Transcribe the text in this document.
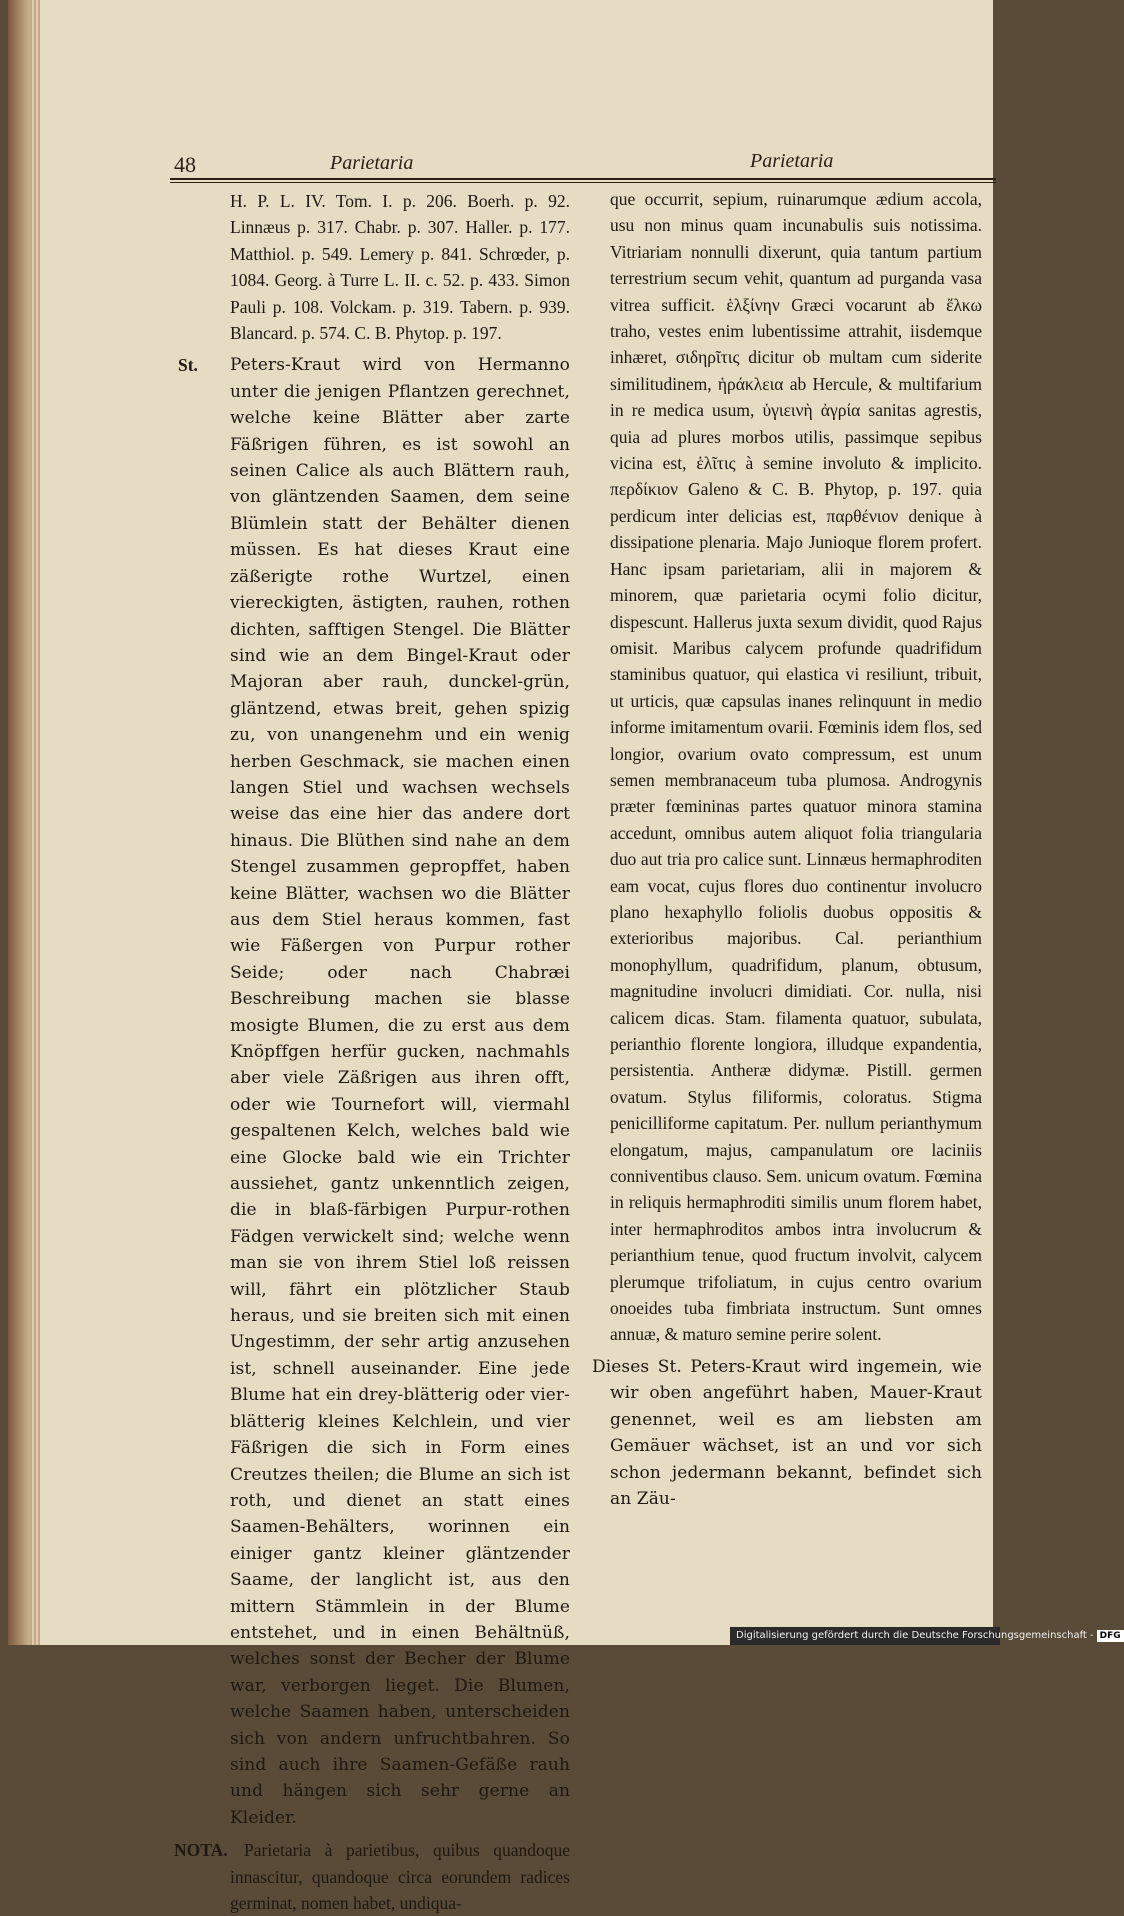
48	Parietaria	Parietaria

H. P. L. IV. Tom. I. p. 206. Boerh. p. 92. Linnæus p. 317. Chabr. p. 307. Haller. p. 177. Matthiol. p. 549. Lemery p. 841. Schrœder, p. 1084. Georg. à Turre L. II. c. 52. p. 433. Simon Pauli p. 108. Volckam. p. 319. Tabern. p. 939. Blancard. p. 574. C. B. Phytop. p. 197.

St. Peters-Kraut wird von Hermanno unter die jenigen Pflantzen gerechnet, welche keine Blätter aber zarte Fäßrigen führen, es ist sowohl an seinen Calice als auch Blättern rauh, von gläntzenden Saamen, dem seine Blümlein statt der Behälter dienen müssen. Es hat dieses Kraut eine zäßerigte rothe Wurtzel, einen viereckigten, ästigten, rauhen, rothen dichten, safftigen Stengel. Die Blätter sind wie an dem Bingel-Kraut oder Majoran aber rauh, dunckel-grün, gläntzend, etwas breit, gehen spizig zu, von unangenehm und ein wenig herben Geschmack, sie machen einen langen Stiel und wachsen wechsels weise das eine hier das andere dort hinaus. Die Blüthen sind nahe an dem Stengel zusammen gepropffet, haben keine Blätter, wachsen wo die Blätter aus dem Stiel heraus kommen, fast wie Fäßergen von Purpur rother Seide; oder nach Chabræi Beschreibung machen sie blasse mosigte Blumen, die zu erst aus dem Knöpffgen herfür gucken, nachmahls aber viele Zäßrigen aus ihren offt, oder wie Tournefort will, viermahl gespaltenen Kelch, welches bald wie eine Glocke bald wie ein Trichter aussiehet, gantz unkenntlich zeigen, die in blaß-färbigen Purpur-rothen Fädgen verwickelt sind; welche wenn man sie von ihrem Stiel loß reissen will, fährt ein plötzlicher Staub heraus, und sie breiten sich mit einen Ungestimm, der sehr artig anzusehen ist, schnell auseinander. Eine jede Blume hat ein drey-blätterig oder vier-blätterig kleines Kelchlein, und vier Fäßrigen die sich in Form eines Creutzes theilen; die Blume an sich ist roth, und dienet an statt eines Saamen-Behälters, worinnen ein einiger gantz kleiner gläntzender Saame, der langlicht ist, aus den mittern Stämmlein in der Blume entstehet, und in einen Behältnüß, welches sonst der Becher der Blume war, verborgen lieget. Die Blumen, welche Saamen haben, unterscheiden sich von andern unfruchtbahren. So sind auch ihre Saamen-Gefäße rauh und hängen sich sehr gerne an Kleider.

NOTA. Parietaria à parietibus, quibus quandoque innascitur, quandoque circa eorundem radices germinat, nomen habet, undiqua-

que occurrit, sepium, ruinarumque ædium accola, usu non minus quam incunabulis suis notissima. Vitriariam nonnulli dixerunt, quia tantum partium terrestrium secum vehit, quantum ad purganda vasa vitrea sufficit. ἑλξίνην Græci vocarunt ab ἕλκω traho, vestes enim lubentissime attrahit, iisdemque inhæret, σιδηρῖτις dicitur ob multam cum siderite similitudinem, ἡράκλεια ab Hercule, & multifarium in re medica usum, ὑγιεινὴ ἀγρία sanitas agrestis, quia ad plures morbos utilis, passimque sepibus vicina est, ἑλῖτις à semine involuto & implicito. περδίκιον Galeno & C. B. Phytop, p. 197. quia perdicum inter delicias est, παρθένιον denique à dissipatione plenaria. Majo Junioque florem profert. Hanc ipsam parietariam, alii in majorem & minorem, quæ parietaria ocymi folio dicitur, dispescunt. Hallerus juxta sexum dividit, quod Rajus omisit. Maribus calycem profunde quadrifidum staminibus quatuor, qui elastica vi resiliunt, tribuit, ut urticis, quæ capsulas inanes relinquunt in medio informe imitamentum ovarii. Fœminis idem flos, sed longior, ovarium ovato compressum, est unum semen membranaceum tuba plumosa. Androgynis præter fœmininas partes quatuor minora stamina accedunt, omnibus autem aliquot folia triangularia duo aut tria pro calice sunt. Linnæus hermaphroditen eam vocat, cujus flores duo continentur involucro plano hexaphyllo foliolis duobus oppositis & exterioribus majoribus. Cal. perianthium monophyllum, quadrifidum, planum, obtusum, magnitudine involucri dimidiati. Cor. nulla, nisi calicem dicas. Stam. filamenta quatuor, subulata, perianthio florente longiora, illudque expandentia, persistentia. Antheræ didymæ. Pistill. germen ovatum. Stylus filiformis, coloratus. Stigma penicilliforme capitatum. Per. nullum perianthymum elongatum, majus, campanulatum ore laciniis conniventibus clauso. Sem. unicum ovatum. Fœmina in reliquis hermaphroditi similis unum florem habet, inter hermaphroditos ambos intra involucrum & perianthium tenue, quod fructum involvit, calycem plerumque trifoliatum, in cujus centro ovarium onoeides tuba fimbriata instructum. Sunt omnes annuæ, & maturo semine perire solent.

Dieses St. Peters-Kraut wird ingemein, wie wir oben angeführt haben, Mauer-Kraut genennet, weil es am liebsten am Gemäuer wächset, ist an und vor sich schon jedermann bekannt, befindet sich an Zäu-

Digitalisierung gefördert durch die Deutsche Forschungsgemeinschaft - DFG
